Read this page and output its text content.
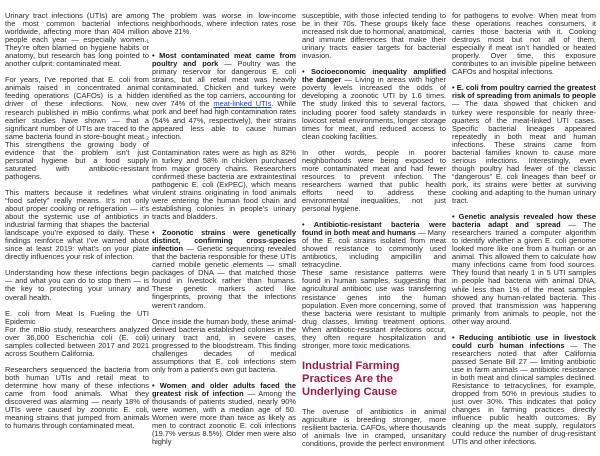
Urinary tract infections (UTIs) are among the most common bacterial infections worldwide, affecting more than 404 million people each year — especially women.₁ They’re often blamed on hygiene habits or anatomy, but research has long pointed to another culprit: contaminated meat.

For years, I’ve reported that E. coli from animals raised in concentrated animal feeding operations (CAFOs) is a hidden driver of these infections. Now, new research published in mBio confirms what earlier studies have shown — that a significant number of UTIs are traced to the same bacteria found in store-bought meat.₂ This strengthens the growing body of evidence that the problem isn’t just personal hygiene but a food supply saturated with antibiotic-resistant pathogens.

This matters because it redefines what “food safety” really means. It’s not only about proper cooking or refrigeration — it’s about the systemic use of antibiotics in industrial farming that shapes the bacterial landscape you’re exposed to daily. These findings reinforce what I’ve warned about since at least 2019: what’s on your plate directly influences your risk of infection.

Understanding how these infections begin — and what you can do to stop them — is the key to protecting your urinary and overall health.

E. coli from Meat Is Fueling the UTI Epidemic

For the mBio study, researchers analyzed over 36,000 Escherichia coli (E. coli) samples collected between 2017 and 2021 across Southern California.

Researchers sequenced the bacteria from both human UTIs and retail meat to determine how many of these infections came from food animals. What they discovered was alarming — nearly 18% of UTIs were caused by zoonotic E. coli, meaning strains that jumped from animals to humans through contaminated meat.

The problem was worse in low-income neighborhoods, where infection rates rose above 21%.

• Most contaminated meat came from poultry and pork — Poultry was the primary reservoir for dangerous E. coli strains, but all retail meat was heavily contaminated. Chicken and turkey were identified as the top carriers, accounting for over 74% of the meat-linked UTIs. While pork and beef had high contamination rates (54% and 47%, respectively), their strains appeared less able to cause human infection.

Contamination rates were as high as 82% in turkey and 58% in chicken purchased from major grocery chains. Researchers confirmed these bacteria are extraintestinal pathogenic E. coli (ExPEC), which means virulent strains originating in food animals were entering the human food chain and establishing colonies in people’s urinary tracts and bladders.

• Zoonotic strains were genetically distinct, confirming cross-species infection — Genetic sequencing revealed that the bacteria responsible for these UTIs carried mobile genetic elements — small packages of DNA — that matched those found in livestock rather than humans. These genetic markers acted like fingerprints, proving that the infections weren’t random.

Once inside the human body, these animal-derived bacteria established colonies in the urinary tract and, in severe cases, progressed to the bloodstream. This finding challenges decades of medical assumptions that E. coli infections stem only from a patient’s own gut bacteria.

• Women and older adults faced the greatest risk of infection — Among the thousands of patients studied, nearly 90% were women, with a median age of 50. Women were more than twice as likely as men to contract zoonotic E. coli infections (19.7% versus 8.5%). Older men were also highly

susceptible, with those infected tending to be in their 70s. These groups likely face increased risk due to hormonal, anatomical, and immune differences that make their urinary tracts easier targets for bacterial invasion.

• Socioeconomic inequality amplified the danger — Living in areas with higher poverty levels increased the odds of developing a zoonotic UTI by 1.6 times. The study linked this to several factors, including poorer food safety standards in lowcost retail environments, longer storage times for meat, and reduced access to clean cooking facilities.

In other words, people in poorer neighborhoods were being exposed to more contaminated meat and had fewer resources to prevent infection. The researchers warned that public health efforts need to address these environmental inequalities, not just personal hygiene.

• Antibiotic-resistant bacteria were found in both meat and humans — Many of the E. coli strains isolated from meat showed resistance to commonly used antibiotics, including ampicillin and tetracycline.

These same resistance patterns were found in human samples, suggesting that agricultural antibiotic use was transferring resistance genes into the human population. Even more concerning, some of these bacteria were resistant to multiple drug classes, limiting treatment options. When antibiotic-resistant infections occur, they often require hospitalization and stronger, more toxic medications.

Industrial Farming Practices Are the Underlying Cause

The overuse of antibiotics in animal agriculture is breeding stronger, more resilient bacteria. CAFOs, where thousands of animals live in cramped, unsanitary conditions, provide the perfect environment

for pathogens to evolve. When meat from these operations reaches consumers, it carries those bacteria with it. Cooking destroys most but not all of them, especially if meat isn’t handled or heated properly. Over time, this exposure contributes to an invisible pipeline between CAFOs and hospital infections.

• E. coli from poultry carried the greatest risk of spreading from animals to people — The data showed that chicken and turkey were responsible for nearly three-quarters of the meat-linked UTI cases. Specific bacterial lineages appeared repeatedly in both meat and human infections. These strains came from bacterial families known to cause more serious infections. Interestingly, even though poultry had fewer of the classic “dangerous” E. coli lineages than beef or pork, its strains were better at surviving cooking and adapting to the human urinary tract.

• Genetic analysis revealed how these bacteria adapt and spread — The researchers trained a computer algorithm to identify whether a given E. coli genome looked more like one from a human or an animal. This allowed them to calculate how many infections came from food sources. They found that nearly 1 in 5 UTI samples in people had bacteria with animal DNA, while less than 1% of the meat samples showed any human-related bacteria. This proved that transmission was happening primarily from animals to people, not the other way around.

• Reducing antibiotic use in livestock could curb human infections — The researchers noted that after California passed Senate Bill 27 — limiting antibiotic use in farm animals — antibiotic resistance in both meat and clinical samples declined. Resistance to tetracyclines, for example, dropped from 50% in previous studies to just over 30%. This indicates that policy changes in farming practices directly influence public health outcomes. By cleaning up the meat supply, regulators could reduce the number of drug-resistant UTIs and other infections.
